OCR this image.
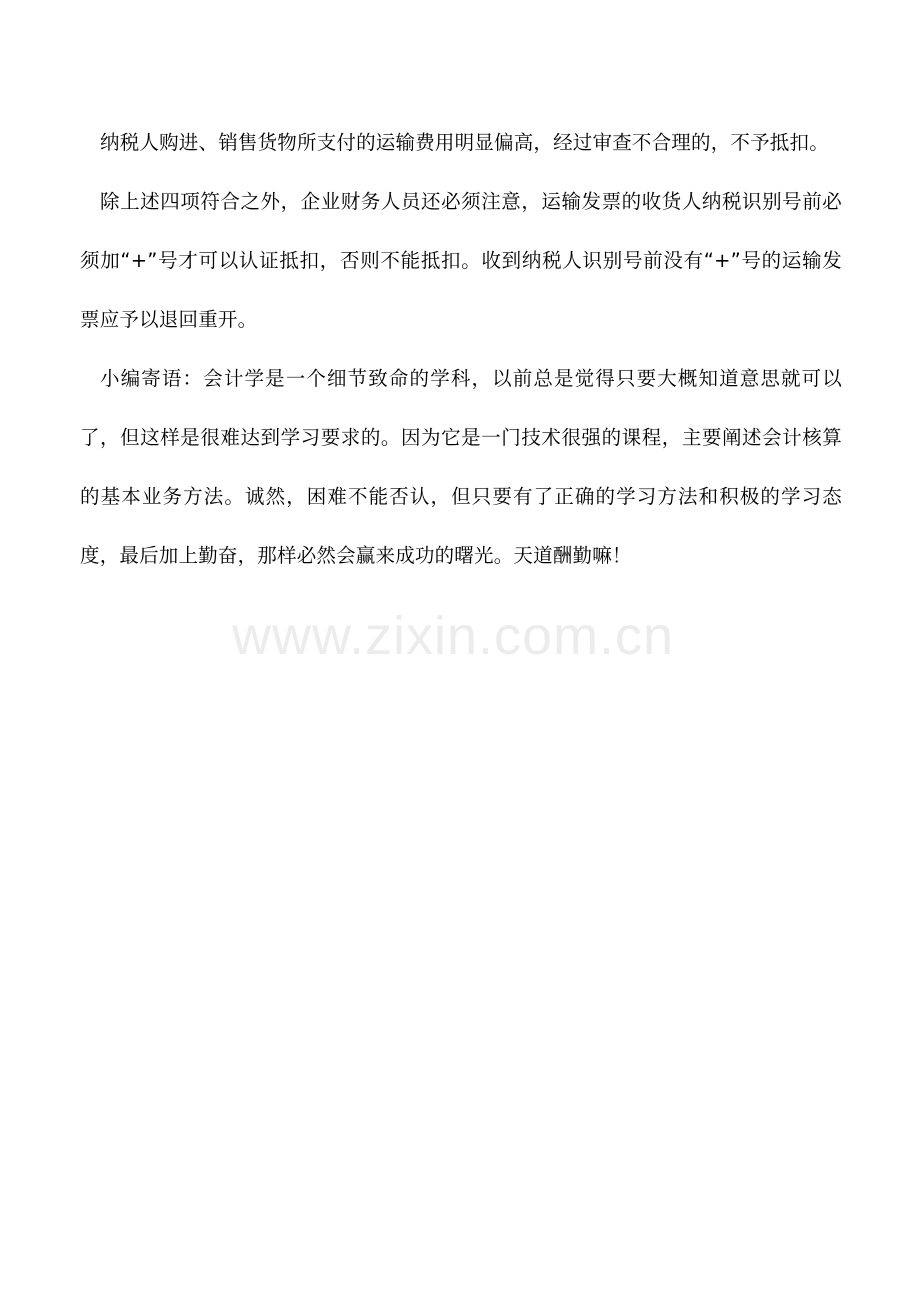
www.zixin.com.cn

纳税人购进、销售货物所支付的运输费用明显偏高，经过审查不合理的，不予抵扣。

除上述四项符合之外，企业财务人员还必须注意，运输发票的收货人纳税识别号前必须加“+”号才可以认证抵扣，否则不能抵扣。收到纳税人识别号前没有“+”号的运输发票应予以退回重开。

小编寄语：会计学是一个细节致命的学科，以前总是觉得只要大概知道意思就可以了，但这样是很难达到学习要求的。因为它是一门技术很强的课程，主要阐述会计核算的基本业务方法。诚然，困难不能否认，但只要有了正确的学习方法和积极的学习态度，最后加上勤奋，那样必然会赢来成功的曙光。天道酬勤嘛！
